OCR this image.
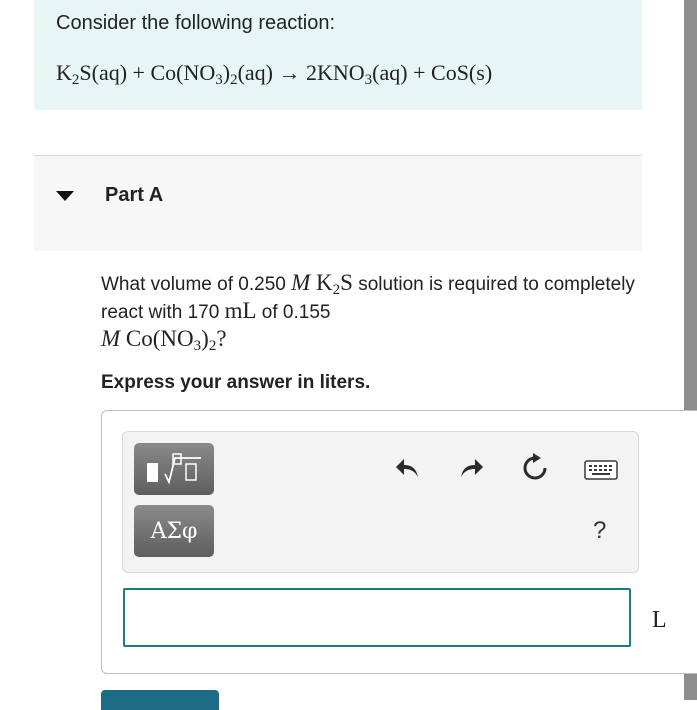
Consider the following reaction:
$K_2S(aq) + Co(NO_3)_2(aq) \to 2KNO_3(aq) + CoS(s)$
Part A
What volume of 0.250 M $K_2S$ solution is required to completely react with 170 mL of 0.155
M $Co(NO_3)_2$?
Express your answer in liters.
ΑΣφ	?
L
